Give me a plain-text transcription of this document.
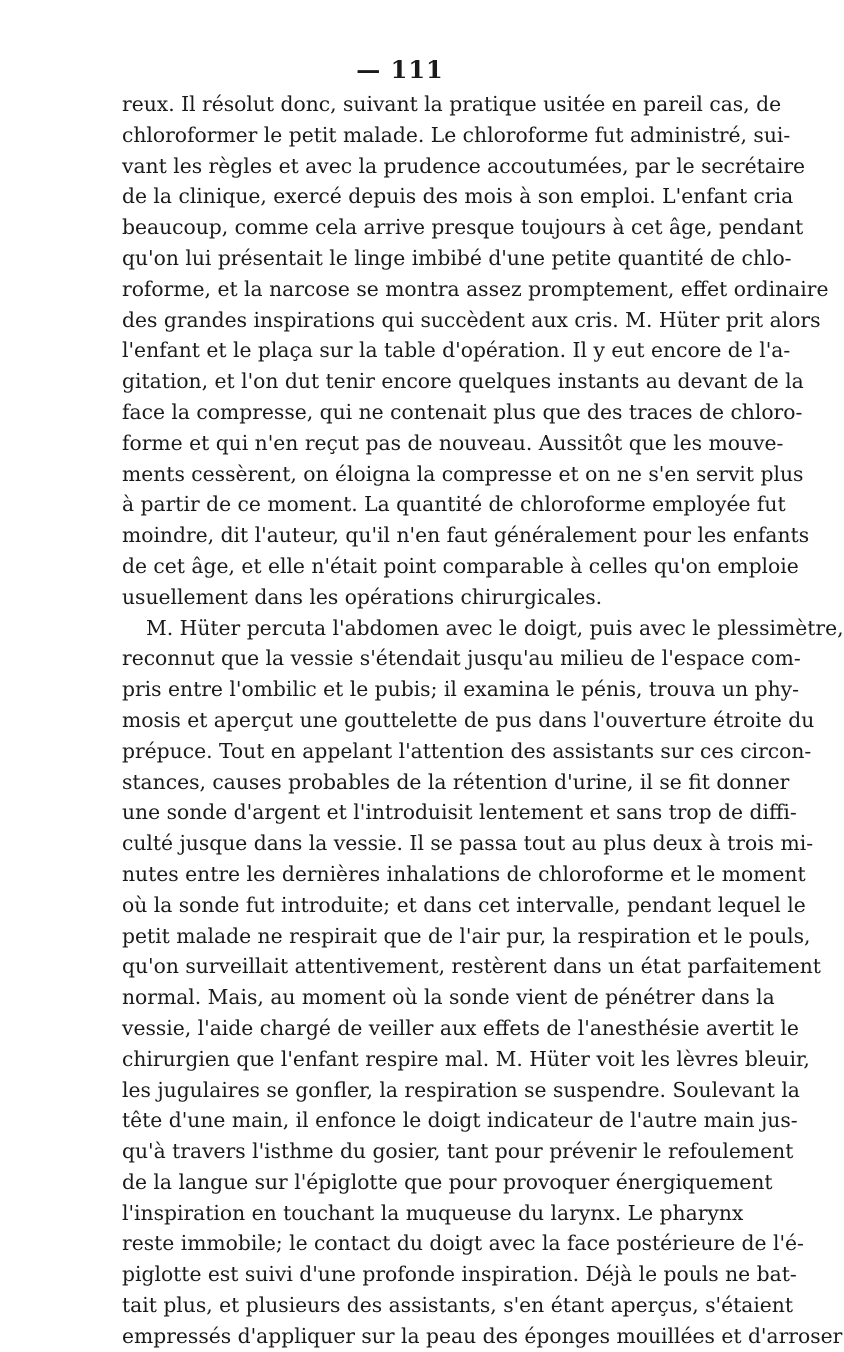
— 111
reux. Il résolut donc, suivant la pratique usitée en pareil cas, de
chloroformer le petit malade. Le chloroforme fut administré, sui-
vant les règles et avec la prudence accoutumées, par le secrétaire
de la clinique, exercé depuis des mois à son emploi. L'enfant cria
beaucoup, comme cela arrive presque toujours à cet âge, pendant
qu'on lui présentait le linge imbibé d'une petite quantité de chlo-
roforme, et la narcose se montra assez promptement, effet ordinaire
des grandes inspirations qui succèdent aux cris. M. Hüter prit alors
l'enfant et le plaça sur la table d'opération. Il y eut encore de l'a-
gitation, et l'on dut tenir encore quelques instants au devant de la
face la compresse, qui ne contenait plus que des traces de chloro-
forme et qui n'en reçut pas de nouveau. Aussitôt que les mouve-
ments cessèrent, on éloigna la compresse et on ne s'en servit plus
à partir de ce moment. La quantité de chloroforme employée fut
moindre, dit l'auteur, qu'il n'en faut généralement pour les enfants
de cet âge, et elle n'était point comparable à celles qu'on emploie
usuellement dans les opérations chirurgicales.
M. Hüter percuta l'abdomen avec le doigt, puis avec le plessimètre,
reconnut que la vessie s'étendait jusqu'au milieu de l'espace com-
pris entre l'ombilic et le pubis; il examina le pénis, trouva un phy-
mosis et aperçut une gouttelette de pus dans l'ouverture étroite du
prépuce. Tout en appelant l'attention des assistants sur ces circon-
stances, causes probables de la rétention d'urine, il se fit donner
une sonde d'argent et l'introduisit lentement et sans trop de diffi-
culté jusque dans la vessie. Il se passa tout au plus deux à trois mi-
nutes entre les dernières inhalations de chloroforme et le moment
où la sonde fut introduite; et dans cet intervalle, pendant lequel le
petit malade ne respirait que de l'air pur, la respiration et le pouls,
qu'on surveillait attentivement, restèrent dans un état parfaitement
normal. Mais, au moment où la sonde vient de pénétrer dans la
vessie, l'aide chargé de veiller aux effets de l'anesthésie avertit le
chirurgien que l'enfant respire mal. M. Hüter voit les lèvres bleuir,
les jugulaires se gonfler, la respiration se suspendre. Soulevant la
tête d'une main, il enfonce le doigt indicateur de l'autre main jus-
qu'à travers l'isthme du gosier, tant pour prévenir le refoulement
de la langue sur l'épiglotte que pour provoquer énergiquement
l'inspiration en touchant la muqueuse du larynx. Le pharynx
reste immobile; le contact du doigt avec la face postérieure de l'é-
piglotte est suivi d'une profonde inspiration. Déjà le pouls ne bat-
tait plus, et plusieurs des assistants, s'en étant aperçus, s'étaient
empressés d'appliquer sur la peau des éponges mouillées et d'arroser
